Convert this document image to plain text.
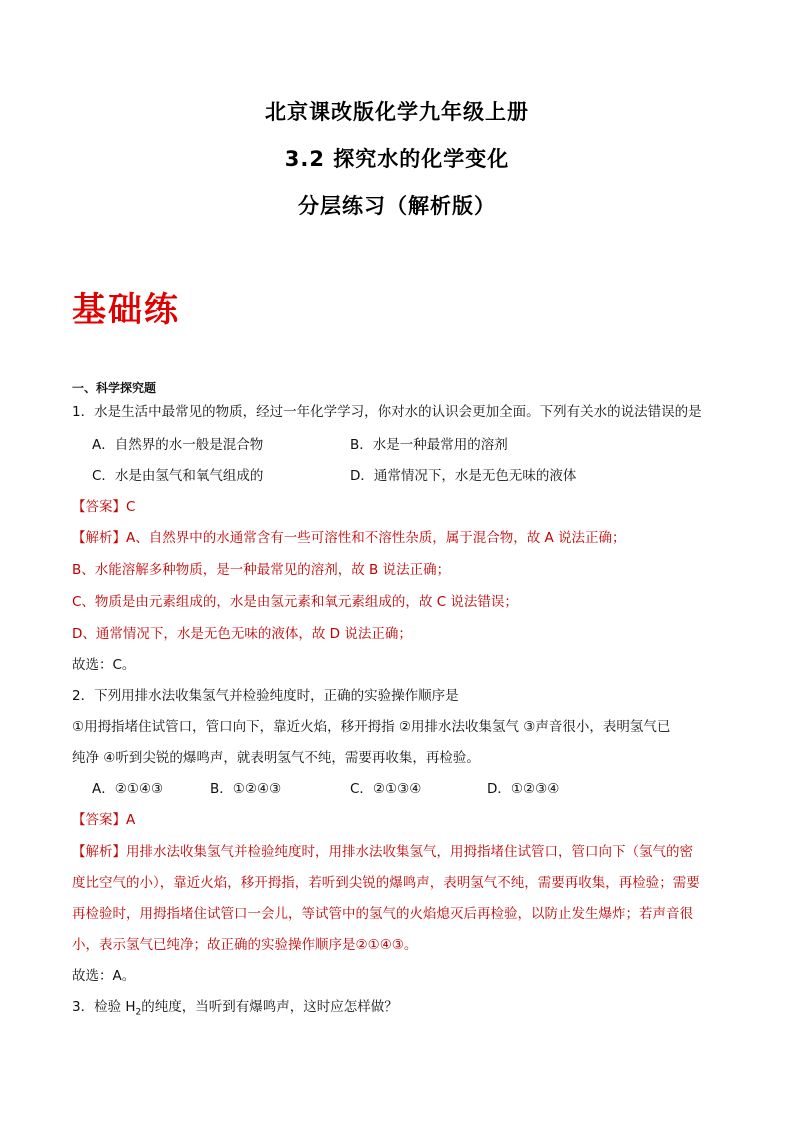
北京课改版化学九年级上册
3.2 探究水的化学变化
分层练习（解析版）
基础练
一、科学探究题
1．水是生活中最常见的物质，经过一年化学学习，你对水的认识会更加全面。下列有关水的说法错误的是
A．自然界的水一般是混合物	B．水是一种最常用的溶剂
C．水是由氢气和氧气组成的	D．通常情况下，水是无色无味的液体
【答案】C
【解析】A、自然界中的水通常含有一些可溶性和不溶性杂质，属于混合物，故 A 说法正确；
B、水能溶解多种物质，是一种最常见的溶剂，故 B 说法正确；
C、物质是由元素组成的，水是由氢元素和氧元素组成的，故 C 说法错误；
D、通常情况下，水是无色无味的液体，故 D 说法正确；
故选：C。
2．下列用排水法收集氢气并检验纯度时，正确的实验操作顺序是
①用拇指堵住试管口，管口向下，靠近火焰，移开拇指 ②用排水法收集氢气 ③声音很小，表明氢气已
纯净 ④听到尖锐的爆鸣声，就表明氢气不纯，需要再收集，再检验。
A．②①④③	B．①②④③	C．②①③④	D．①②③④
【答案】A
【解析】用排水法收集氢气并检验纯度时，用排水法收集氢气，用拇指堵住试管口，管口向下（氢气的密
度比空气的小），靠近火焰，移开拇指，若听到尖锐的爆鸣声，表明氢气不纯，需要再收集，再检验；需要
再检验时，用拇指堵住试管口一会儿，等试管中的氢气的火焰熄灭后再检验，以防止发生爆炸；若声音很
小，表示氢气已纯净；故正确的实验操作顺序是②①④③。
故选：A。
3．检验 $H_2$的纯度，当听到有爆鸣声，这时应怎样做？
